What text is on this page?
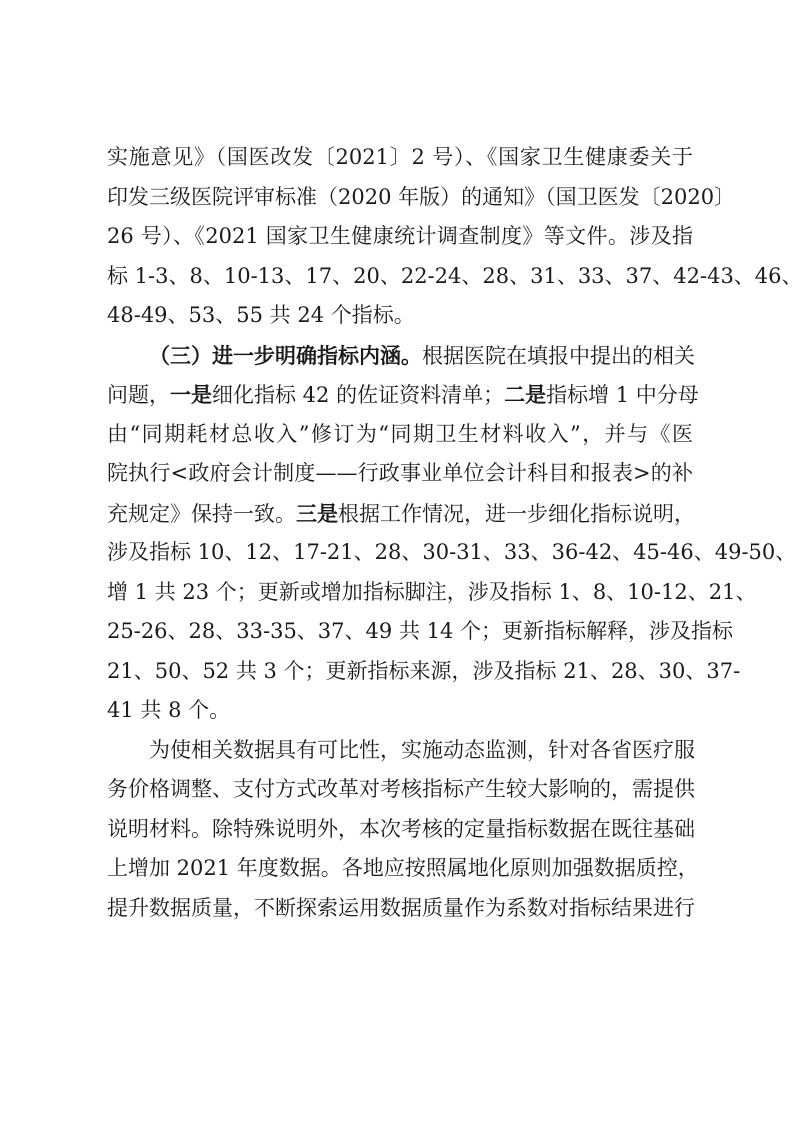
实施意见》（国医改发〔2021〕2 号）、《国家卫生健康委关于
印发三级医院评审标准（2020 年版）的通知》（国卫医发〔2020〕
26 号）、《2021 国家卫生健康统计调查制度》等文件。涉及指
标 1-3、8、10-13、17、20、22-24、28、31、33、37、42-43、46、
48-49、53、55 共 24 个指标。
（三）进一步明确指标内涵。根据医院在填报中提出的相关
问题，一是细化指标 42 的佐证资料清单；二是指标增 1 中分母
由“同期耗材总收入”修订为“同期卫生材料收入”，并与《医
院执行<政府会计制度——行政事业单位会计科目和报表>的补
充规定》保持一致。三是根据工作情况，进一步细化指标说明，
涉及指标 10、12、17-21、28、30-31、33、36-42、45-46、49-50、
增 1 共 23 个；更新或增加指标脚注，涉及指标 1、8、10-12、21、
25-26、28、33-35、37、49 共 14 个；更新指标解释，涉及指标
21、50、52 共 3 个；更新指标来源，涉及指标 21、28、30、37-
41 共 8 个。
为使相关数据具有可比性，实施动态监测，针对各省医疗服
务价格调整、支付方式改革对考核指标产生较大影响的，需提供
说明材料。除特殊说明外，本次考核的定量指标数据在既往基础
上增加 2021 年度数据。各地应按照属地化原则加强数据质控，
提升数据质量，不断探索运用数据质量作为系数对指标结果进行
